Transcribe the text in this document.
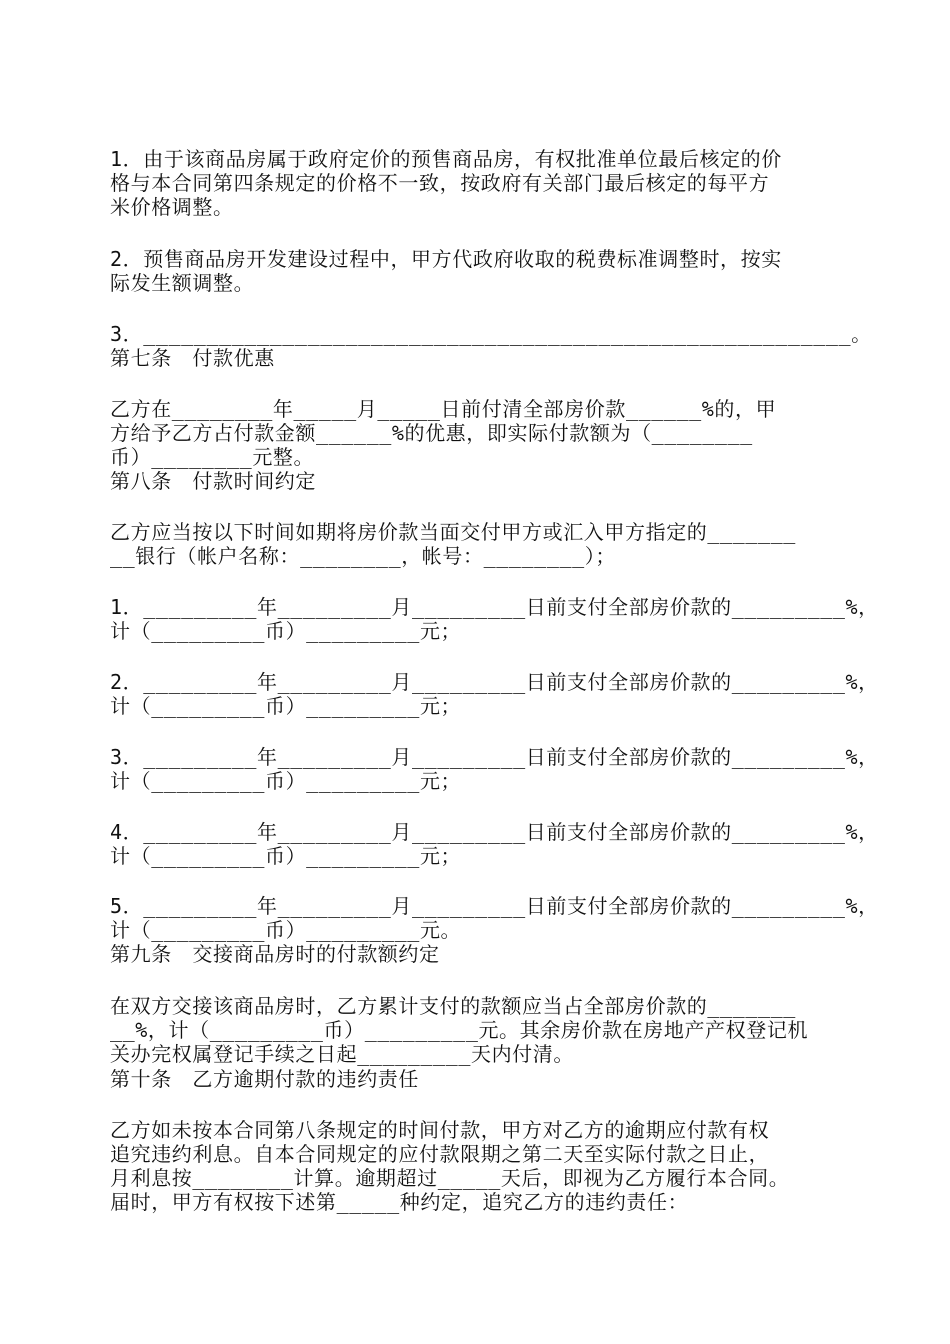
1．由于该商品房属于政府定价的预售商品房，有权批准单位最后核定的价

格与本合同第四条规定的价格不一致，按政府有关部门最后核定的每平方

米价格调整。

2．预售商品房开发建设过程中，甲方代政府收取的税费标准调整时，按实

际发生额调整。

3．________________________________________________________。

第七条　付款优惠

乙方在________年_____月_____日前付清全部房价款______%的，甲

方给予乙方占付款金额______%的优惠，即实际付款额为（________

币）________元整。

第八条　付款时间约定

乙方应当按以下时间如期将房价款当面交付甲方或汇入甲方指定的_______

__银行（帐户名称：________，帐号：________）；

1．_________年_________月_________日前支付全部房价款的_________%，

计（_________币）_________元；

2．_________年_________月_________日前支付全部房价款的_________%，

计（_________币）_________元；

3．_________年_________月_________日前支付全部房价款的_________%，

计（_________币）_________元；

4．_________年_________月_________日前支付全部房价款的_________%，

计（_________币）_________元；

5．_________年_________月_________日前支付全部房价款的_________%，

计（_________币）_________元。

第九条　交接商品房时的付款额约定

在双方交接该商品房时，乙方累计支付的款额应当占全部房价款的_______

__%，计（_________币）_________元。其余房价款在房地产产权登记机

关办完权属登记手续之日起_________天内付清。

第十条　乙方逾期付款的违约责任

乙方如未按本合同第八条规定的时间付款，甲方对乙方的逾期应付款有权

追究违约利息。自本合同规定的应付款限期之第二天至实际付款之日止，

月利息按________计算。逾期超过_____天后，即视为乙方履行本合同。

届时，甲方有权按下述第_____种约定，追究乙方的违约责任：
